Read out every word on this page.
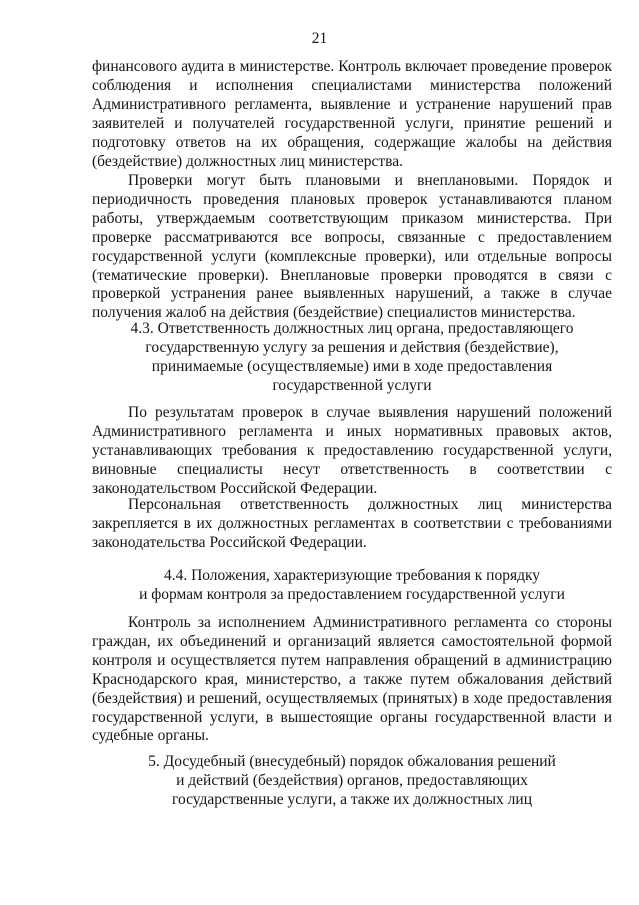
21

финансового аудита в министерстве. Контроль включает проведение проверок соблюдения и исполнения специалистами министерства положений Административного регламента, выявление и устранение нарушений прав заявителей и получателей государственной услуги, принятие решений и подготовку ответов на их обращения, содержащие жалобы на действия (бездействие) должностных лиц министерства.

Проверки могут быть плановыми и внеплановыми. Порядок и периодичность проведения плановых проверок устанавливаются планом работы, утверждаемым соответствующим приказом министерства. При проверке рассматриваются все вопросы, связанные с предоставлением государственной услуги (комплексные проверки), или отдельные вопросы (тематические проверки). Внеплановые проверки проводятся в связи с проверкой устранения ранее выявленных нарушений, а также в случае получения жалоб на действия (бездействие) специалистов министерства.

4.3. Ответственность должностных лиц органа, предоставляющего
государственную услугу за решения и действия (бездействие),
принимаемые (осуществляемые) ими в ходе предоставления
государственной услуги

По результатам проверок в случае выявления нарушений положений Административного регламента и иных нормативных правовых актов, устанавливающих требования к предоставлению государственной услуги, виновные специалисты несут ответственность в соответствии с законодательством Российской Федерации.

Персональная ответственность должностных лиц министерства закрепляется в их должностных регламентах в соответствии с требованиями законодательства Российской Федерации.

4.4. Положения, характеризующие требования к порядку
и формам контроля за предоставлением государственной услуги

Контроль за исполнением Административного регламента со стороны граждан, их объединений и организаций является самостоятельной формой контроля и осуществляется путем направления обращений в администрацию Краснодарского края, министерство, а также путем обжалования действий (бездействия) и решений, осуществляемых (принятых) в ходе предоставления государственной услуги, в вышестоящие органы государственной власти и судебные органы.

5. Досудебный (внесудебный) порядок обжалования решений
и действий (бездействия) органов, предоставляющих
государственные услуги, а также их должностных лиц
